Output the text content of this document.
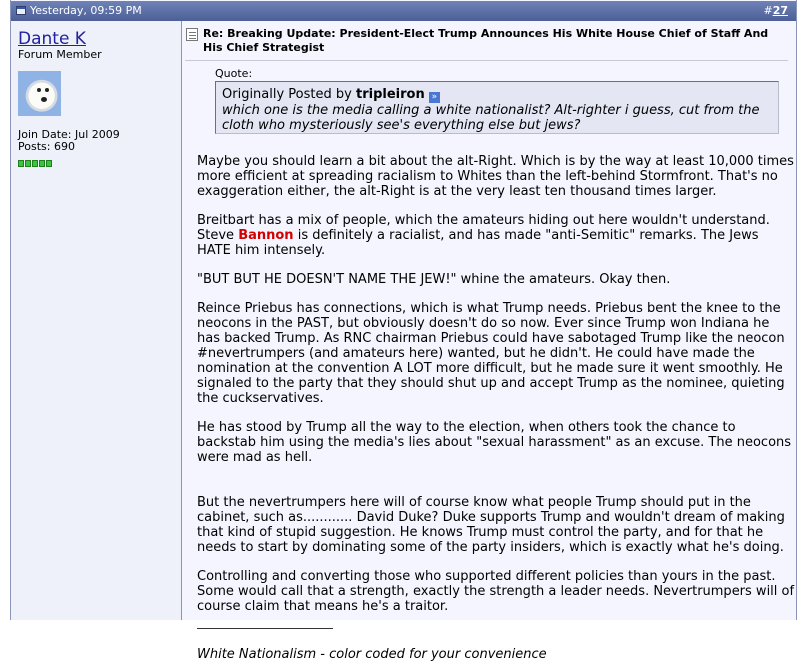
Yesterday, 09:59 PM	#27
Dante K
Forum Member
Join Date: Jul 2009
Posts: 690
Re: Breaking Update: President-Elect Trump Announces His White House Chief of Staff And His Chief Strategist
Quote:
Originally Posted by tripleiron »
which one is the media calling a white nationalist? Alt-righter i guess, cut from the cloth who mysteriously see's everything else but jews?

Maybe you should learn a bit about the alt-Right. Which is by the way at least 10,000 times more efficient at spreading racialism to Whites than the left-behind Stormfront. That's no exaggeration either, the alt-Right is at the very least ten thousand times larger.

Breitbart has a mix of people, which the amateurs hiding out here wouldn't understand. Steve Bannon is definitely a racialist, and has made "anti-Semitic" remarks. The Jews HATE him intensely.

"BUT BUT HE DOESN'T NAME THE JEW!" whine the amateurs. Okay then.

Reince Priebus has connections, which is what Trump needs. Priebus bent the knee to the neocons in the PAST, but obviously doesn't do so now. Ever since Trump won Indiana he has backed Trump. As RNC chairman Priebus could have sabotaged Trump like the neocon #nevertrumpers (and amateurs here) wanted, but he didn't. He could have made the nomination at the convention A LOT more difficult, but he made sure it went smoothly. He signaled to the party that they should shut up and accept Trump as the nominee, quieting the cuckservatives.

He has stood by Trump all the way to the election, when others took the chance to backstab him using the media's lies about "sexual harassment" as an excuse. The neocons were mad as hell.

But the nevertrumpers here will of course know what people Trump should put in the cabinet, such as............ David Duke? Duke supports Trump and wouldn't dream of making that kind of stupid suggestion. He knows Trump must control the party, and for that he needs to start by dominating some of the party insiders, which is exactly what he's doing.

Controlling and converting those who supported different policies than yours in the past. Some would call that a strength, exactly the strength a leader needs. Nevertrumpers will of course claim that means he's a traitor.

White Nationalism - color coded for your convenience
